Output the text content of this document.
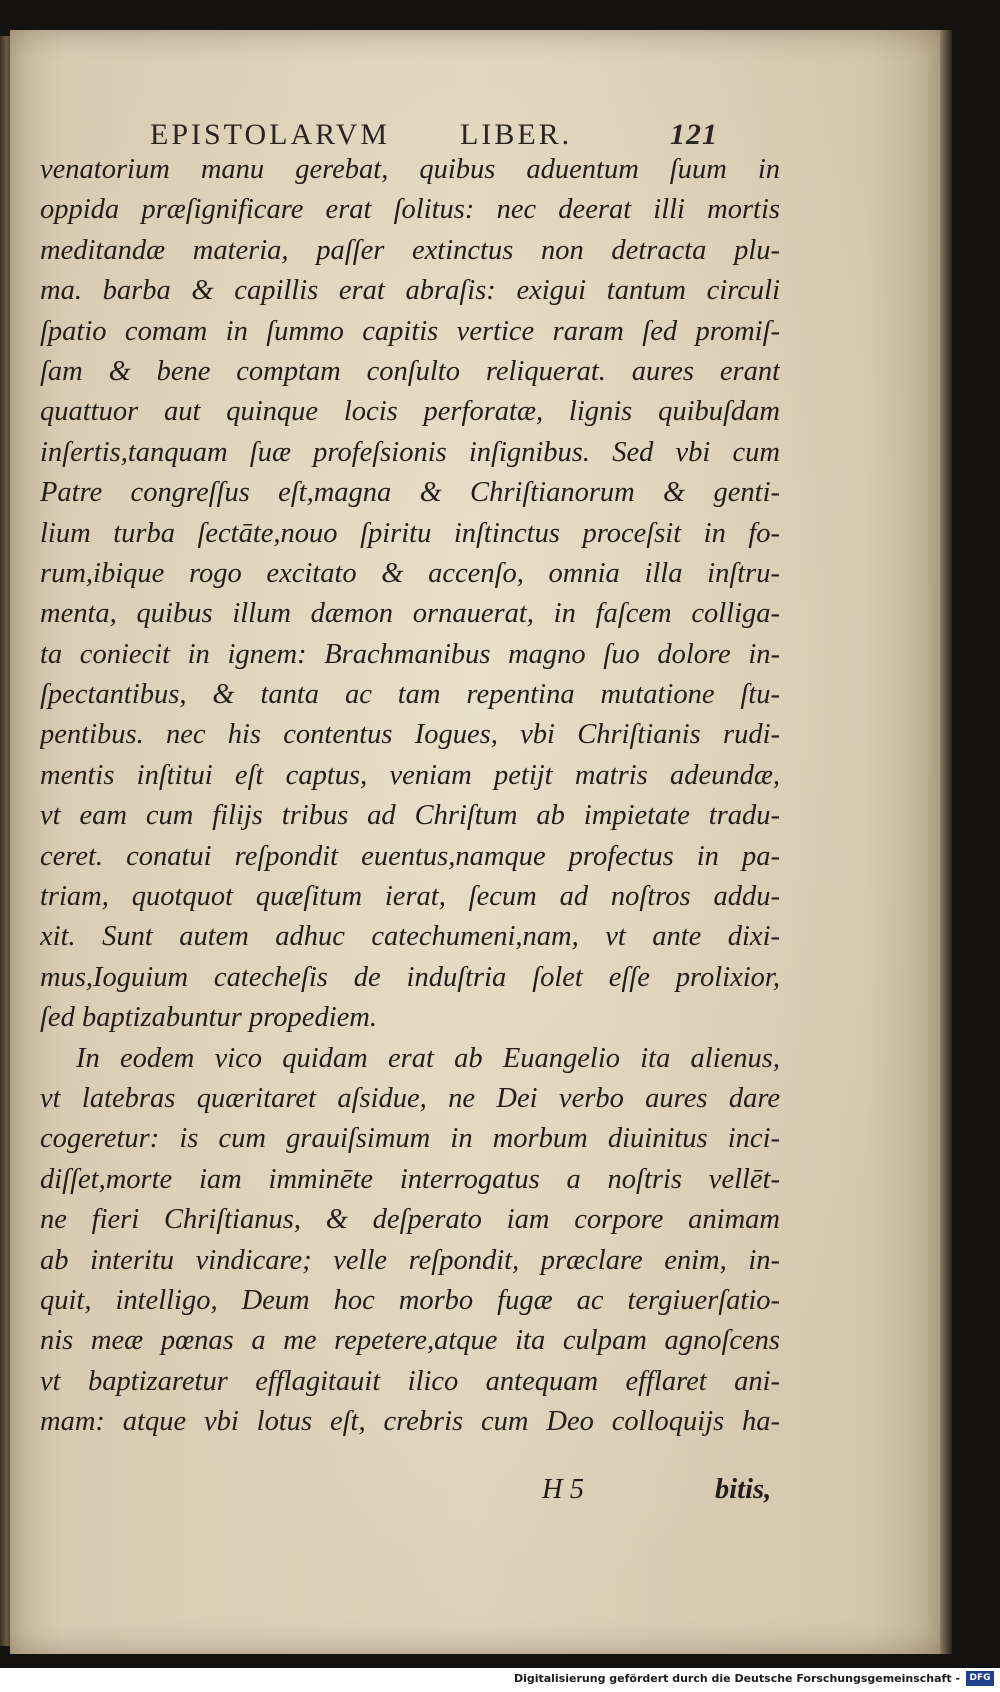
EPISTOLARVM LIBER.	121
venatorium manu gerebat, quibus aduentum ſuum in
oppida præſignificare erat ſolitus: nec deerat illi mortis
meditandæ materia, paſſer extinctus non detracta plu-
ma. barba & capillis erat abraſis: exigui tantum circuli
ſpatio comam in ſummo capitis vertice raram ſed promiſ-
ſam & bene comptam conſulto reliquerat. aures erant
quattuor aut quinque locis perforatæ, lignis quibuſdam
inſertis,tanquam ſuæ profeſsionis inſignibus. Sed vbi cum
Patre congreſſus eſt,magna & Chriſtianorum & genti-
lium turba ſectāte,nouo ſpiritu inſtinctus proceſsit in fo-
rum,ibique rogo excitato & accenſo, omnia illa inſtru-
menta, quibus illum dæmon ornauerat, in faſcem colliga-
ta coniecit in ignem: Brachmanibus magno ſuo dolore in-
ſpectantibus, & tanta ac tam repentina mutatione ſtu-
pentibus. nec his contentus Iogues, vbi Chriſtianis rudi-
mentis inſtitui eſt captus, veniam petijt matris adeundæ,
vt eam cum filijs tribus ad Chriſtum ab impietate tradu-
ceret. conatui reſpondit euentus,namque profectus in pa-
triam, quotquot quæſitum ierat, ſecum ad noſtros addu-
xit. Sunt autem adhuc catechumeni,nam, vt ante dixi-
mus,Ioguium catecheſis de induſtria ſolet eſſe prolixior,
ſed baptizabuntur propediem.
In eodem vico quidam erat ab Euangelio ita alienus,
vt latebras quæritaret aſsidue, ne Dei verbo aures dare
cogeretur: is cum grauiſsimum in morbum diuinitus inci-
diſſet,morte iam imminēte interrogatus a noſtris vellēt-
ne fieri Chriſtianus, & deſperato iam corpore animam
ab interitu vindicare; velle reſpondit, præclare enim, in-
quit, intelligo, Deum hoc morbo fugæ ac tergiuerſatio-
nis meæ pœnas a me repetere,atque ita culpam agnoſcens
vt baptizaretur efflagitauit ilico antequam efflaret ani-
mam: atque vbi lotus eſt, crebris cum Deo colloquijs ha-
H 5	bitis,
Digitalisierung gefördert durch die Deutsche Forschungsgemeinschaft -	DFG
